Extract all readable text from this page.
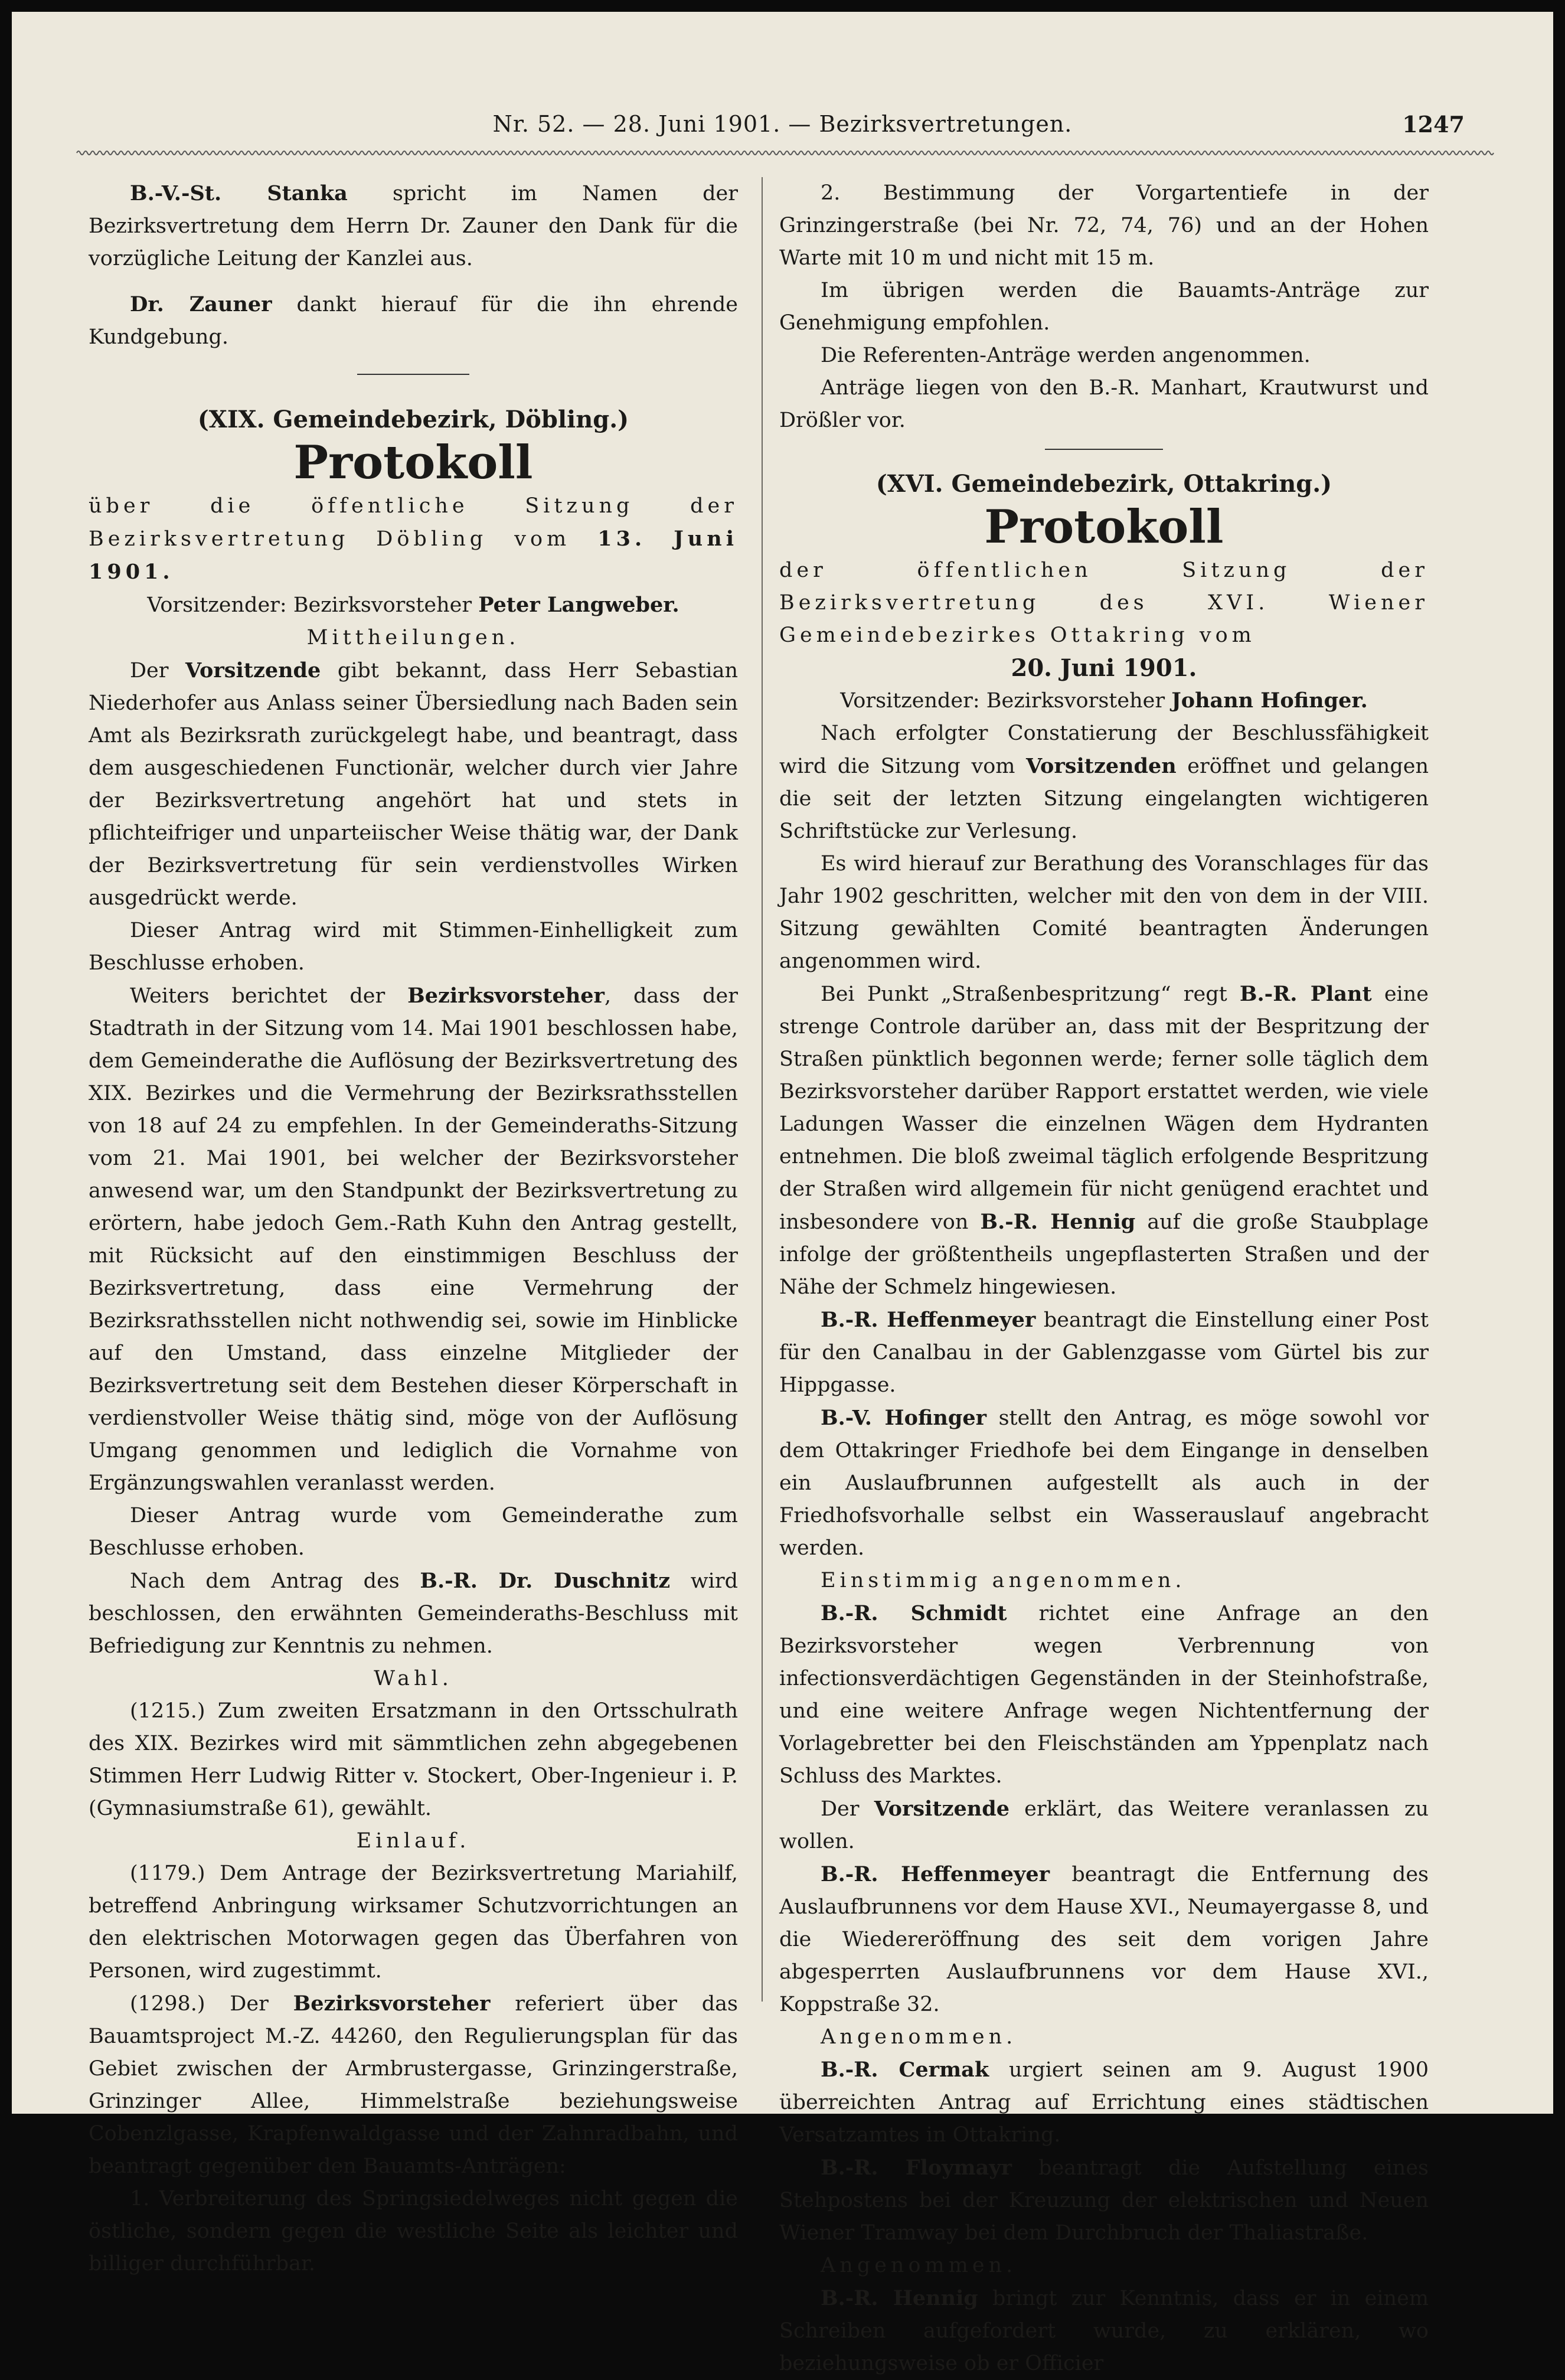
Nr. 52. — 28. Juni 1901. — Bezirksvertretungen.	1247

B.-V.-St. Stanka spricht im Namen der Bezirksvertretung dem Herrn Dr. Zauner den Dank für die vorzügliche Leitung der Kanzlei aus.

Dr. Zauner dankt hierauf für die ihn ehrende Kundgebung.

(XIX. Gemeindebezirk, Döbling.)
Protokoll

über die öffentliche Sitzung der Bezirksvertretung Döbling vom 13. Juni 1901.

Vorsitzender: Bezirksvorsteher Peter Langweber.

Mittheilungen.

Der Vorsitzende gibt bekannt, dass Herr Sebastian Niederhofer aus Anlass seiner Übersiedlung nach Baden sein Amt als Bezirksrath zurückgelegt habe, und beantragt, dass dem ausgeschiedenen Functionär, welcher durch vier Jahre der Bezirksvertretung angehört hat und stets in pflichteifriger und unparteiischer Weise thätig war, der Dank der Bezirksvertretung für sein verdienstvolles Wirken ausgedrückt werde.

Dieser Antrag wird mit Stimmen-Einhelligkeit zum Beschlusse erhoben.

Weiters berichtet der Bezirksvorsteher, dass der Stadtrath in der Sitzung vom 14. Mai 1901 beschlossen habe, dem Gemeinderathe die Auflösung der Bezirksvertretung des XIX. Bezirkes und die Vermehrung der Bezirksrathsstellen von 18 auf 24 zu empfehlen. In der Gemeinderaths-Sitzung vom 21. Mai 1901, bei welcher der Bezirksvorsteher anwesend war, um den Standpunkt der Bezirksvertretung zu erörtern, habe jedoch Gem.-Rath Kuhn den Antrag gestellt, mit Rücksicht auf den einstimmigen Beschluss der Bezirksvertretung, dass eine Vermehrung der Bezirksrathsstellen nicht nothwendig sei, sowie im Hinblicke auf den Umstand, dass einzelne Mitglieder der Bezirksvertretung seit dem Bestehen dieser Körperschaft in verdienstvoller Weise thätig sind, möge von der Auflösung Umgang genommen und lediglich die Vornahme von Ergänzungswahlen veranlasst werden.

Dieser Antrag wurde vom Gemeinderathe zum Beschlusse erhoben.

Nach dem Antrag des B.-R. Dr. Duschnitz wird beschlossen, den erwähnten Gemeinderaths-Beschluss mit Befriedigung zur Kenntnis zu nehmen.

Wahl.

(1215.) Zum zweiten Ersatzmann in den Ortsschulrath des XIX. Bezirkes wird mit sämmtlichen zehn abgegebenen Stimmen Herr Ludwig Ritter v. Stockert, Ober-Ingenieur i. P. (Gymnasiumstraße 61), gewählt.

Einlauf.

(1179.) Dem Antrage der Bezirksvertretung Mariahilf, betreffend Anbringung wirksamer Schutzvorrichtungen an den elektrischen Motorwagen gegen das Überfahren von Personen, wird zugestimmt.

(1298.) Der Bezirksvorsteher referiert über das Bauamtsproject M.-Z. 44260, den Regulierungsplan für das Gebiet zwischen der Armbrustergasse, Grinzingerstraße, Grinzinger Allee, Himmelstraße beziehungsweise Cobenzlgasse, Krapfenwaldgasse und der Zahnradbahn, und beantragt gegenüber den Bauamts-Anträgen:

1. Verbreiterung des Springsiedelweges nicht gegen die östliche, sondern gegen die westliche Seite als leichter und billiger durchführbar.

2. Bestimmung der Vorgartentiefe in der Grinzingerstraße (bei Nr. 72, 74, 76) und an der Hohen Warte mit 10 m und nicht mit 15 m.

Im übrigen werden die Bauamts-Anträge zur Genehmigung empfohlen.

Die Referenten-Anträge werden angenommen.

Anträge liegen von den B.-R. Manhart, Krautwurst und Drößler vor.

(XVI. Gemeindebezirk, Ottakring.)
Protokoll

der öffentlichen Sitzung der Bezirksvertretung des XVI. Wiener Gemeindebezirkes Ottakring vom

20. Juni 1901.

Vorsitzender: Bezirksvorsteher Johann Hofinger.

Nach erfolgter Constatierung der Beschlussfähigkeit wird die Sitzung vom Vorsitzenden eröffnet und gelangen die seit der letzten Sitzung eingelangten wichtigeren Schriftstücke zur Verlesung.

Es wird hierauf zur Berathung des Voranschlages für das Jahr 1902 geschritten, welcher mit den von dem in der VIII. Sitzung gewählten Comité beantragten Änderungen angenommen wird.

Bei Punkt „Straßenbespritzung“ regt B.-R. Plant eine strenge Controle darüber an, dass mit der Bespritzung der Straßen pünktlich begonnen werde; ferner solle täglich dem Bezirksvorsteher darüber Rapport erstattet werden, wie viele Ladungen Wasser die einzelnen Wägen dem Hydranten entnehmen. Die bloß zweimal täglich erfolgende Bespritzung der Straßen wird allgemein für nicht genügend erachtet und insbesondere von B.-R. Hennig auf die große Staubplage infolge der größtentheils ungepflasterten Straßen und der Nähe der Schmelz hingewiesen.

B.-R. Heffenmeyer beantragt die Einstellung einer Post für den Canalbau in der Gablenzgasse vom Gürtel bis zur Hippgasse.

B.-V. Hofinger stellt den Antrag, es möge sowohl vor dem Ottakringer Friedhofe bei dem Eingange in denselben ein Auslaufbrunnen aufgestellt als auch in der Friedhofsvorhalle selbst ein Wasserauslauf angebracht werden.

Einstimmig angenommen.

B.-R. Schmidt richtet eine Anfrage an den Bezirksvorsteher wegen Verbrennung von infectionsverdächtigen Gegenständen in der Steinhofstraße, und eine weitere Anfrage wegen Nichtentfernung der Vorlagebretter bei den Fleischständen am Yppenplatz nach Schluss des Marktes.

Der Vorsitzende erklärt, das Weitere veranlassen zu wollen.

B.-R. Heffenmeyer beantragt die Entfernung des Auslaufbrunnens vor dem Hause XVI., Neumayergasse 8, und die Wiedereröffnung des seit dem vorigen Jahre abgesperrten Auslaufbrunnens vor dem Hause XVI., Koppstraße 32.

Angenommen.

B.-R. Cermak urgiert seinen am 9. August 1900 überreichten Antrag auf Errichtung eines städtischen Versatzamtes in Ottakring.

B.-R. Floymayr beantragt die Aufstellung eines Stehpostens bei der Kreuzung der elektrischen und Neuen Wiener Tramway bei dem Durchbruch der Thaliastraße.

Angenommen.

B.-R. Hennig bringt zur Kenntnis, dass er in einem Schreiben aufgefordert wurde, zu erklären, wo beziehungsweise ob er Officier
